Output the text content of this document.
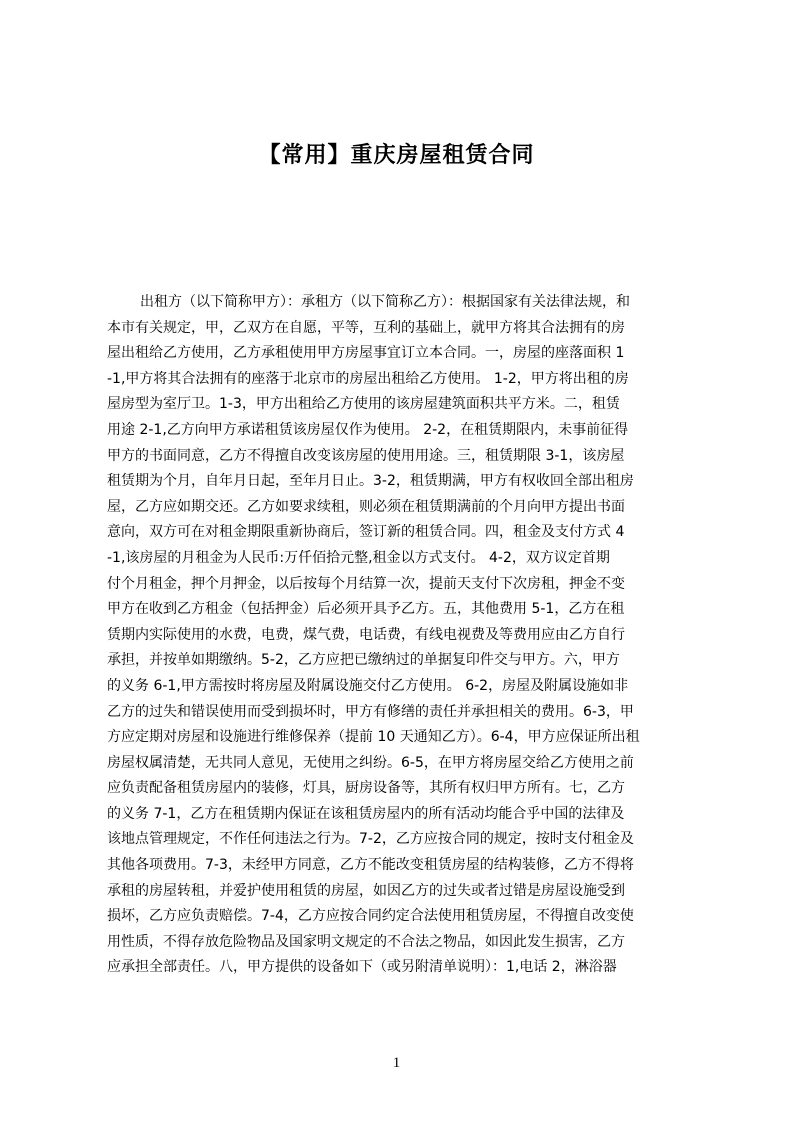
【常用】重庆房屋租赁合同
出租方（以下简称甲方）：承租方（以下简称乙方）：根据国家有关法律法规，和
本市有关规定，甲，乙双方在自愿，平等，互利的基础上，就甲方将其合法拥有的房
屋出租给乙方使用，乙方承租使用甲方房屋事宜订立本合同。一，房屋的座落面积 1
-1,甲方将其合法拥有的座落于北京市的房屋出租给乙方使用。 1-2，甲方将出租的房
屋房型为室厅卫。1-3，甲方出租给乙方使用的该房屋建筑面积共平方米。二，租赁
用途 2-1,乙方向甲方承诺租赁该房屋仅作为使用。 2-2，在租赁期限内，未事前征得
甲方的书面同意，乙方不得擅自改变该房屋的使用用途。三，租赁期限 3-1，该房屋
租赁期为个月，自年月日起，至年月日止。3-2，租赁期满，甲方有权收回全部出租房
屋，乙方应如期交还。乙方如要求续租，则必须在租赁期满前的个月向甲方提出书面
意向，双方可在对租金期限重新协商后，签订新的租赁合同。四，租金及支付方式 4
-1,该房屋的月租金为人民币:万仟佰拾元整,租金以方式支付。 4-2，双方议定首期
付个月租金，押个月押金，以后按每个月结算一次，提前天支付下次房租，押金不变
甲方在收到乙方租金（包括押金）后必须开具予乙方。五，其他费用 5-1，乙方在租
赁期内实际使用的水费，电费，煤气费，电话费，有线电视费及等费用应由乙方自行
承担，并按单如期缴纳。5-2，乙方应把已缴纳过的单据复印件交与甲方。六，甲方
的义务 6-1,甲方需按时将房屋及附属设施交付乙方使用。 6-2，房屋及附属设施如非
乙方的过失和错误使用而受到损坏时，甲方有修缮的责任并承担相关的费用。6-3，甲
方应定期对房屋和设施进行维修保养（提前 10 天通知乙方）。6-4，甲方应保证所出租
房屋权属清楚，无共同人意见，无使用之纠纷。6-5，在甲方将房屋交给乙方使用之前
应负责配备租赁房屋内的装修，灯具，厨房设备等，其所有权归甲方所有。七，乙方
的义务 7-1，乙方在租赁期内保证在该租赁房屋内的所有活动均能合乎中国的法律及
该地点管理规定，不作任何违法之行为。7-2，乙方应按合同的规定，按时支付租金及
其他各项费用。7-3，未经甲方同意，乙方不能改变租赁房屋的结构装修，乙方不得将
承租的房屋转租，并爱护使用租赁的房屋，如因乙方的过失或者过错是房屋设施受到
损坏，乙方应负责赔偿。7-4，乙方应按合同约定合法使用租赁房屋，不得擅自改变使
用性质，不得存放危险物品及国家明文规定的不合法之物品，如因此发生损害，乙方
应承担全部责任。八，甲方提供的设备如下（或另附清单说明）：1,电话 2，淋浴器
1
